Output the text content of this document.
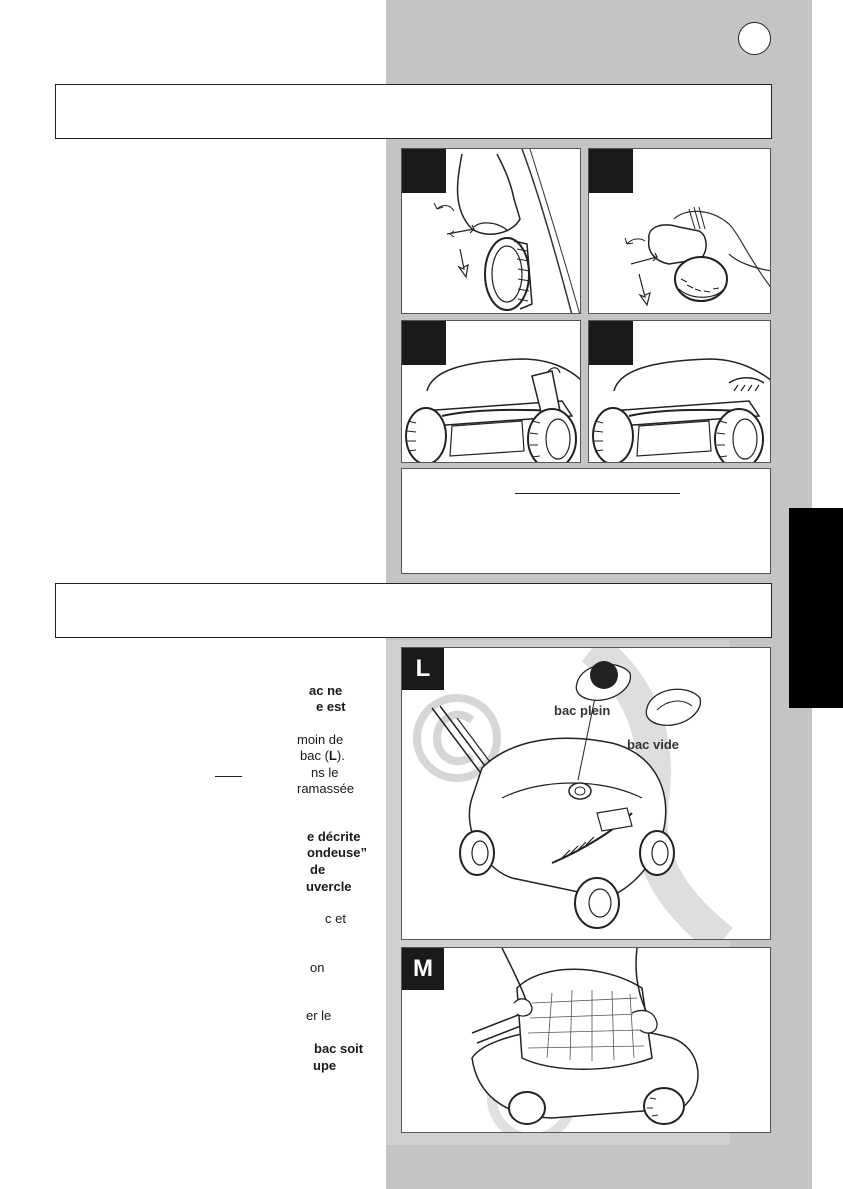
L
bac plein
bac vide
M
ac ne
e est
moin de
bac (L).
ns le
ramassée
e décrite
ondeuse”
de
uvercle
c et
on
er le
bac soit
upe
